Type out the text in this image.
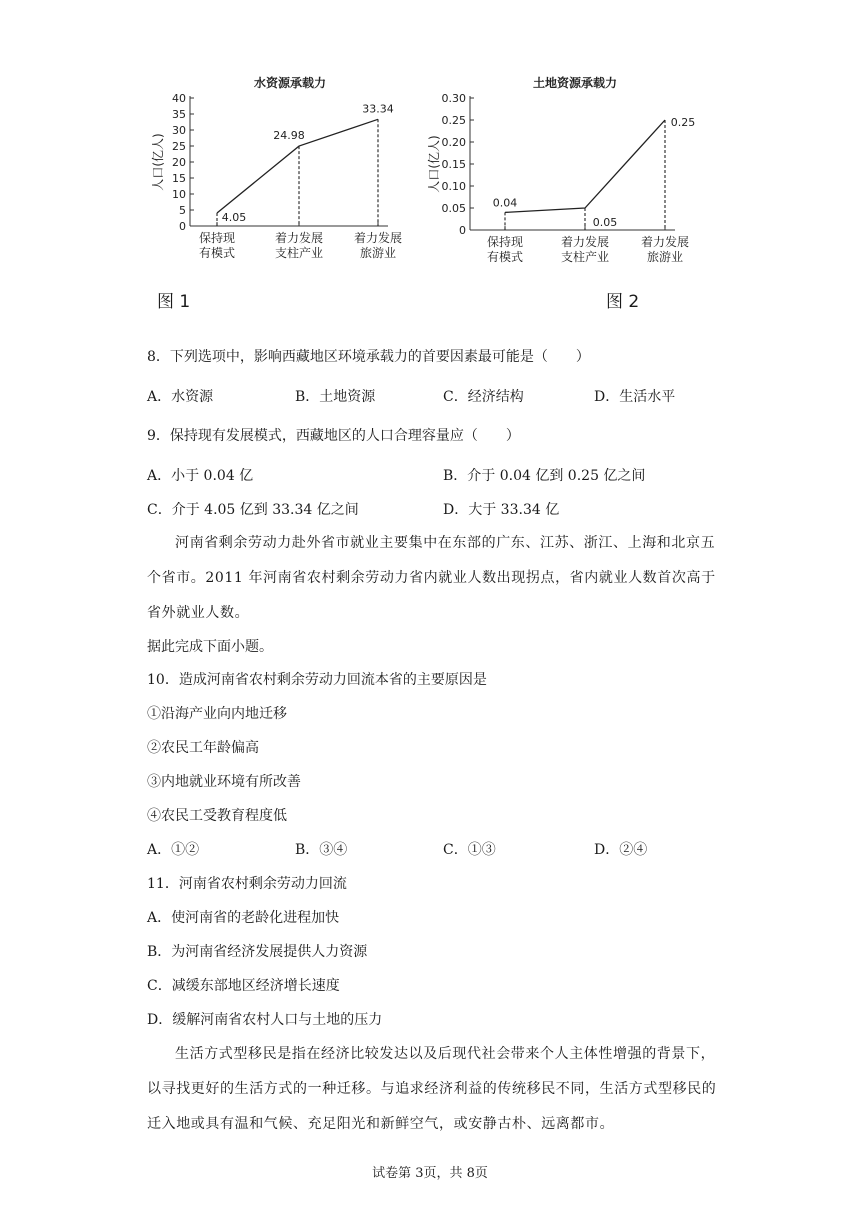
水资源承载力
人口(亿人)
0
5
10
15
20
25
30
35
40
保持现
有模式
着力发展
支柱产业
着力发展
旅游业
4.05
24.98
33.34
土地资源承载力
人口(亿人)
0
0.05
0.10
0.15
0.20
0.25
0.30
保持现
有模式
着力发展
支柱产业
着力发展
旅游业
0.04
0.05
0.25
图 1	图 2
8．下列选项中，影响西藏地区环境承载力的首要因素最可能是（　　）
A．水资源	B．土地资源	C．经济结构	D．生活水平
9．保持现有发展模式，西藏地区的人口合理容量应（　　）
A．小于 0.04 亿	B．介于 0.04 亿到 0.25 亿之间
C．介于 4.05 亿到 33.34 亿之间	D．大于 33.34 亿
河南省剩余劳动力赴外省市就业主要集中在东部的广东、江苏、浙江、上海和北京五个省市。2011 年河南省农村剩余劳动力省内就业人数出现拐点，省内就业人数首次高于省外就业人数。
据此完成下面小题。
10．造成河南省农村剩余劳动力回流本省的主要原因是
①沿海产业向内地迁移
②农民工年龄偏高
③内地就业环境有所改善
④农民工受教育程度低
A．①②	B．③④	C．①③	D．②④
11．河南省农村剩余劳动力回流
A．使河南省的老龄化进程加快
B．为河南省经济发展提供人力资源
C．减缓东部地区经济增长速度
D．缓解河南省农村人口与土地的压力
生活方式型移民是指在经济比较发达以及后现代社会带来个人主体性增强的背景下，以寻找更好的生活方式的一种迁移。与追求经济利益的传统移民不同，生活方式型移民的迁入地或具有温和气候、充足阳光和新鲜空气，或安静古朴、远离都市。
试卷第 3页，共 8页
